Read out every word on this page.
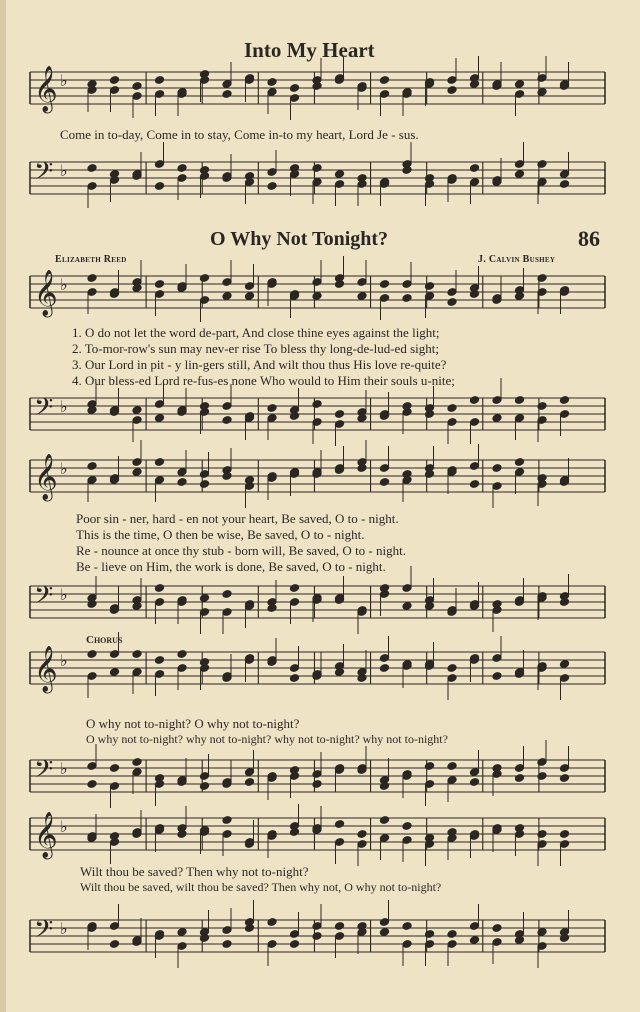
Into My Heart
O Why Not Tonight?	86
Elizabeth Reed	J. Calvin Bushey
𝄞 ♭
𝄢 ♭
𝄞 ♭
𝄢 ♭
𝄞 ♭
𝄢 ♭
𝄞 ♭
𝄢 ♭
𝄞 ♭
𝄢 ♭
Come in to-day, Come in to stay, Come in-to my heart, Lord Je - sus.
1. O do not let the word de-part, And close thine eyes against the light;
2. To-mor-row's sun may nev-er rise To bless thy long-de-lud-ed sight;
3. Our Lord in pit - y lin-gers still, And wilt thou thus His love re-quite?
4. Our bless-ed Lord re-fus-es none Who would to Him their souls u-nite;
Poor sin - ner, hard - en not your heart, Be saved, O to - night.
This is the time, O then be wise, Be saved, O to - night.
Re - nounce at once thy stub - born will, Be saved, O to - night.
Be - lieve on Him, the work is done, Be saved, O to - night.
Chorus
O why not to-night? O why not to-night?
O why not to-night? why not to-night? why not to-night? why not to-night?
Wilt thou be saved? Then why not to-night?
Wilt thou be saved, wilt thou be saved? Then why not, O why not to-night?
